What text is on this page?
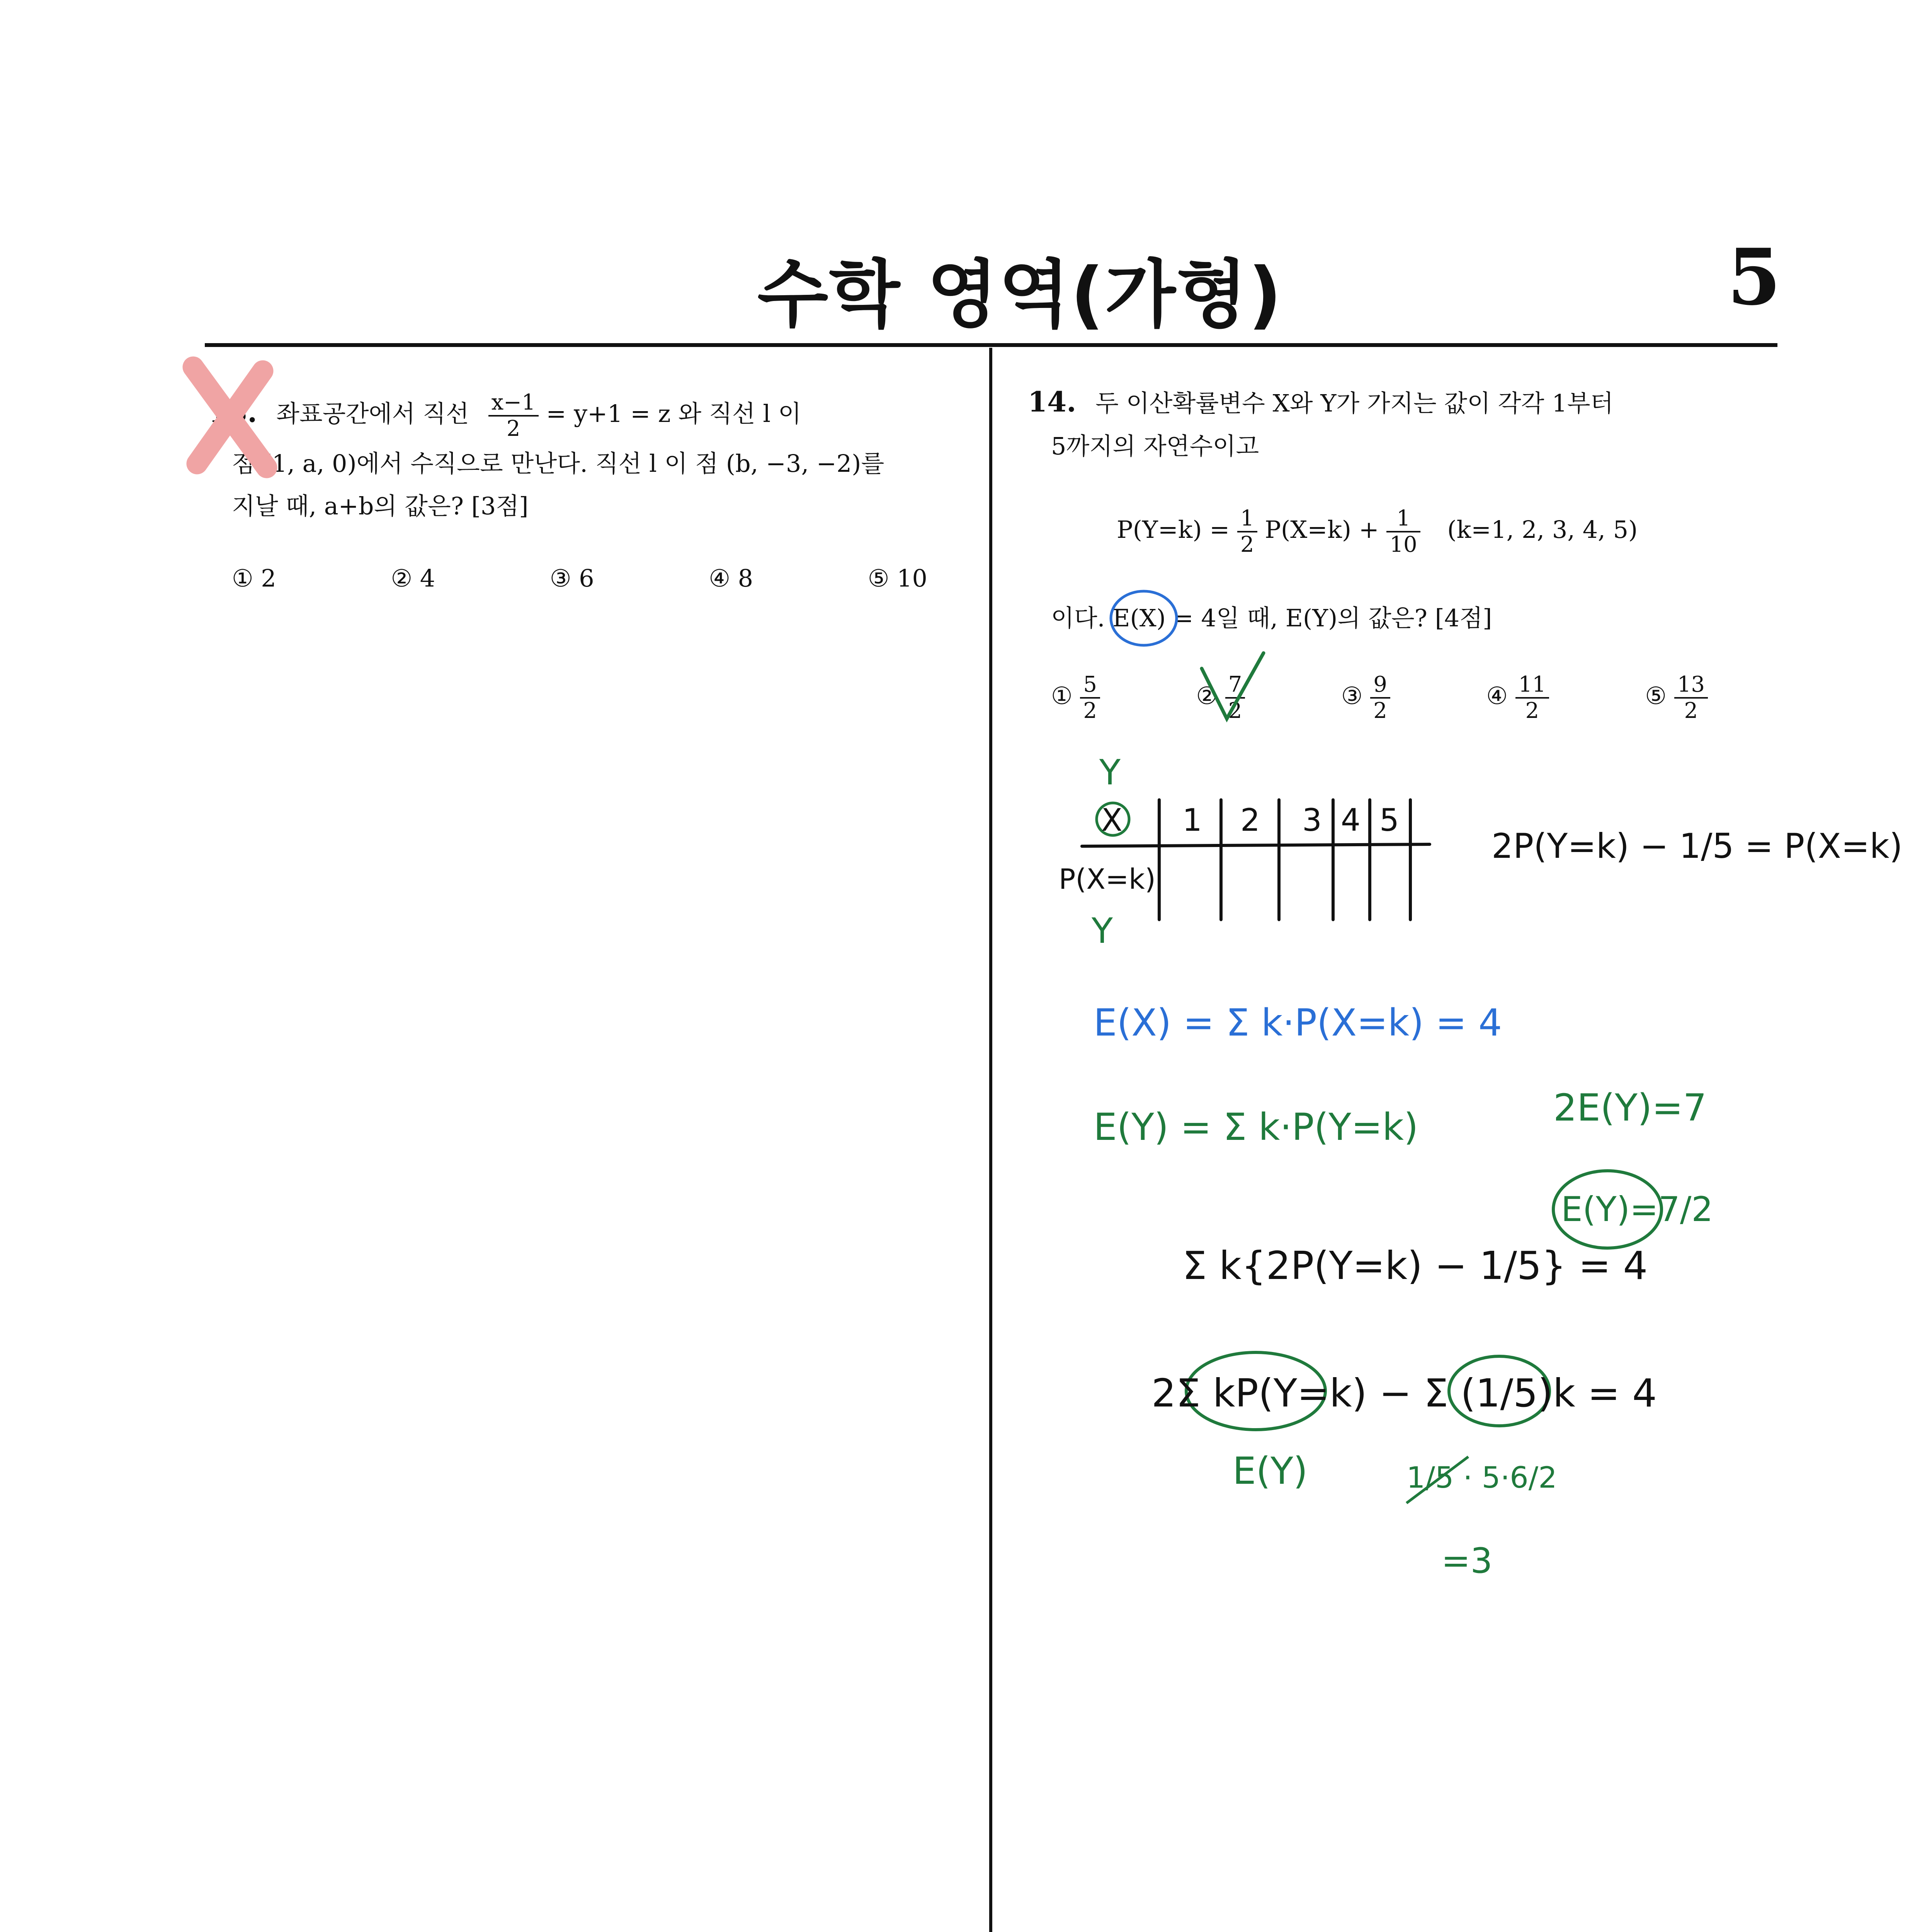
수학 영역(가형)	5
13. 좌표공간에서 직선 $\frac{x-1}{2} = y+1 = z$ 와 직선 l 이
점 (1, a, 0)에서 수직으로 만난다. 직선 l 이 점 (b, −3, −2)를
지날 때, a+b의 값은? [3점]
① 2	② 4	③ 6	④ 8	⑤ 10
14. 두 이산확률변수 X와 Y가 가지는 값이 각각 1부터
5까지의 자연수이고
$P(Y=k) = \frac{1}{2} P(X=k) + \frac{1}{10} (k=1$, 2, 3, 4, 5)
이다. E(X) = 4일 때, E(Y)의 값은? [4점]
① $\frac{5}{2}$	② $\frac{7}{2}$	③ $\frac{9}{2}$	④ $\frac{11}{2}$	⑤ $\frac{13}{2}$
Y
X 1 2 3 4 5
P(X=k)
Y
2P(Y=k) − 1/5 = P(X=k)
E(X) = Σ k·P(X=k) = 4
E(Y) = Σ k·P(Y=k)	2E(Y)=7
E(Y)=7/2
Σ k{2P(Y=k) − 1/5} = 4
2Σ kP(Y=k) − Σ (1/5)k = 4
E(Y)	1/5 · 5·6/2
=3
